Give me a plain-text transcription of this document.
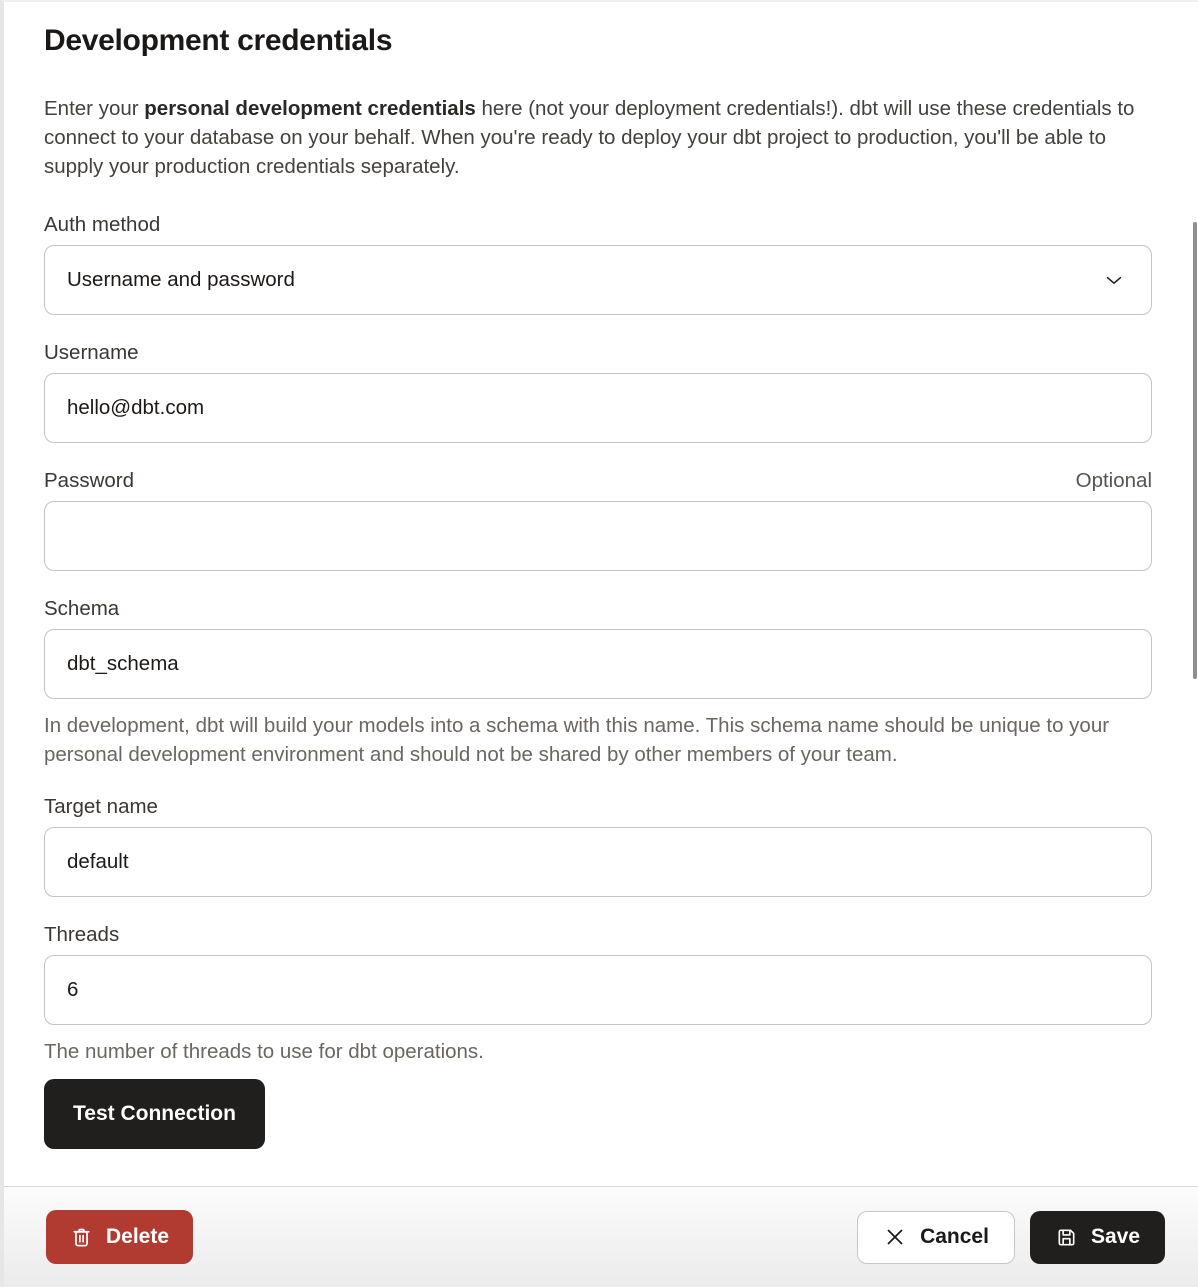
Development credentials

Enter your personal development credentials here (not your deployment credentials!). dbt will use these credentials to connect to your database on your behalf. When you're ready to deploy your dbt project to production, you'll be able to supply your production credentials separately.

Auth method
Username and password
Username
hello@dbt.com
Password	Optional
Schema
dbt_schema

In development, dbt will build your models into a schema with this name. This schema name should be unique to your personal development environment and should not be shared by other members of your team.

Target name
default
Threads
6

The number of threads to use for dbt operations.

Test Connection
Delete	Cancel	Save
